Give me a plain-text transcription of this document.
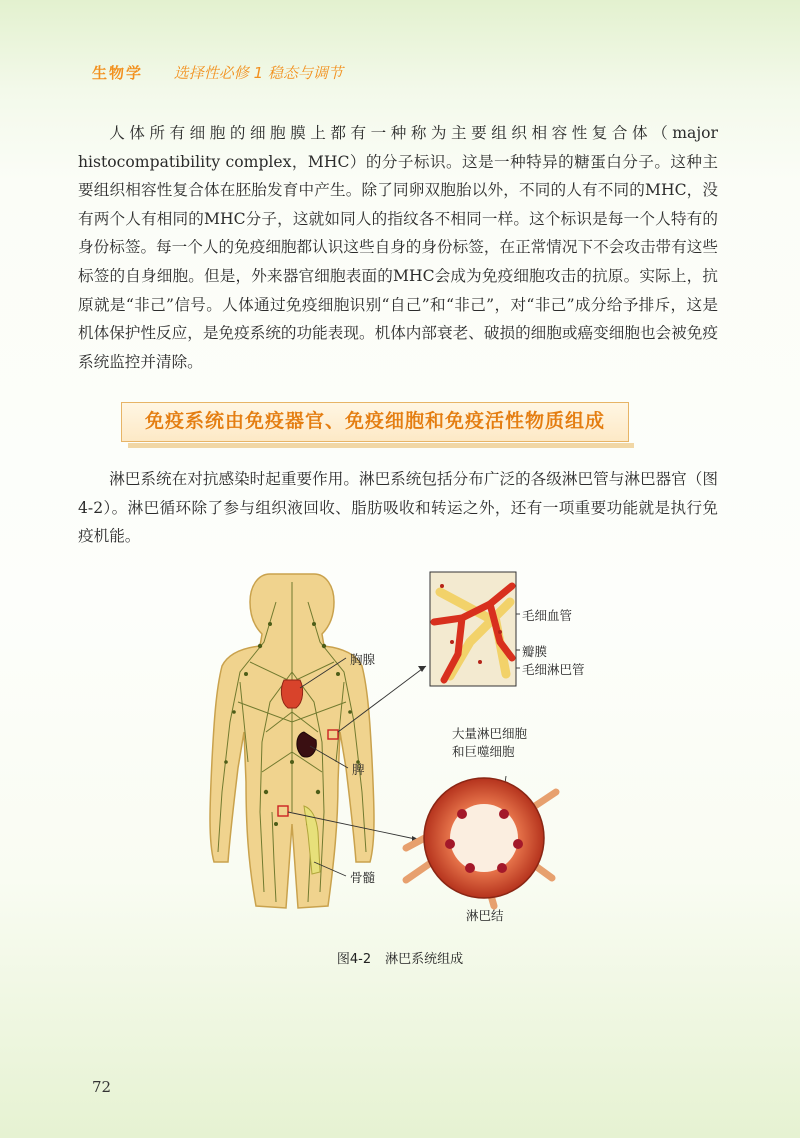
生物学 选择性必修 1 稳态与调节

人体所有细胞的细胞膜上都有一种称为主要组织相容性复合体（major histocompatibility complex，MHC）的分子标识。这是一种特异的糖蛋白分子。这种主要组织相容性复合体在胚胎发育中产生。除了同卵双胞胎以外，不同的人有不同的MHC，没有两个人有相同的MHC分子，这就如同人的指纹各不相同一样。这个标识是每一个人特有的身份标签。每一个人的免疫细胞都认识这些自身的身份标签，在正常情况下不会攻击带有这些标签的自身细胞。但是，外来器官细胞表面的MHC会成为免疫细胞攻击的抗原。实际上，抗原就是“非己”信号。人体通过免疫细胞识别“自己”和“非己”，对“非己”成分给予排斥，这是机体保护性反应，是免疫系统的功能表现。机体内部衰老、破损的细胞或癌变细胞也会被免疫系统监控并清除。

免疫系统由免疫器官、免疫细胞和免疫活性物质组成

淋巴系统在对抗感染时起重要作用。淋巴系统包括分布广泛的各级淋巴管与淋巴器官（图4-2）。淋巴循环除了参与组织液回收、脂肪吸收和转运之外，还有一项重要功能就是执行免疫机能。

胸腺
脾
骨髓
毛细血管
瓣膜
毛细淋巴管
大量淋巴细胞
和巨噬细胞
淋巴结
图4-2 淋巴系统组成
72
